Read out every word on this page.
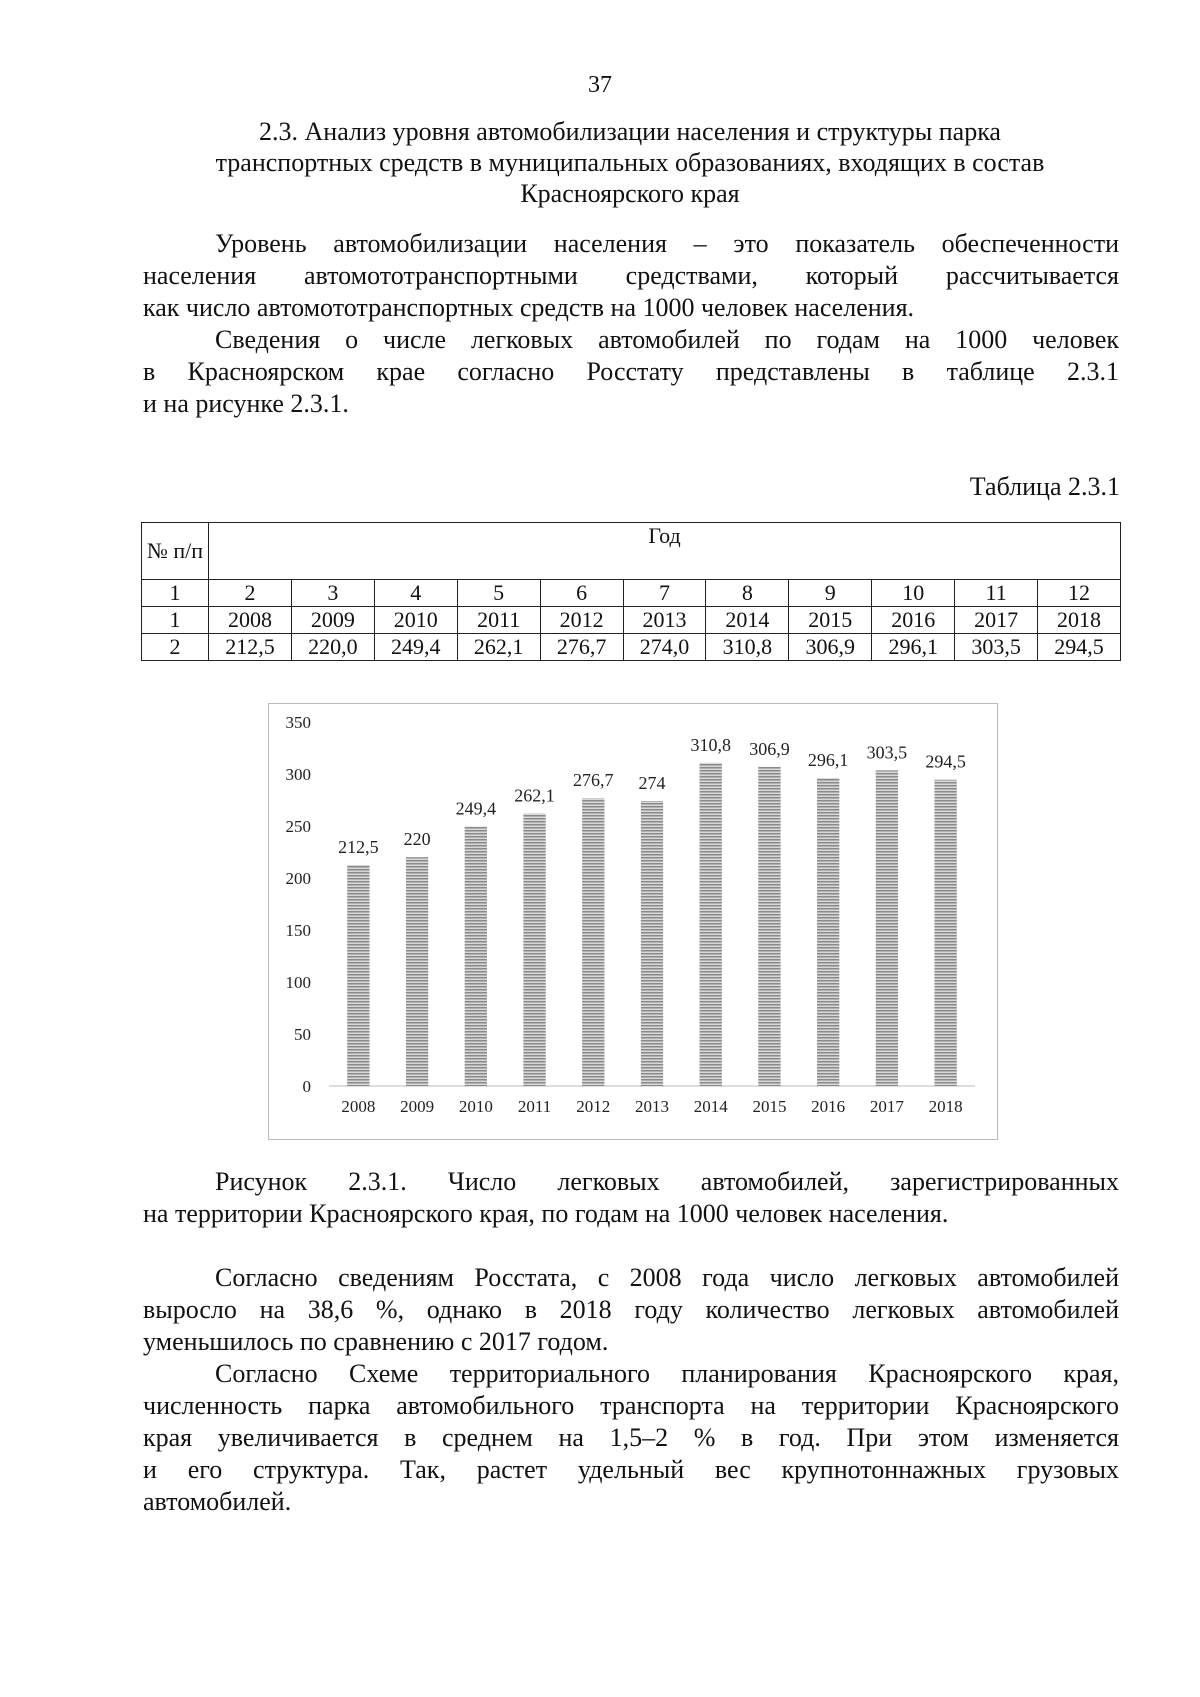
37
2.3. Анализ уровня автомобилизации населения и структуры парка
транспортных средств в муниципальных образованиях, входящих в состав
Красноярского края
Уровень автомобилизации населения – это показатель обеспеченности
населения автомототранспортными средствами, который рассчитывается
как число автомототранспортных средств на 1000 человек населения.
Сведения о числе легковых автомобилей по годам на 1000 человек
в Красноярском крае согласно Росстату представлены в таблице 2.3.1
и на рисунке 2.3.1.
Таблица 2.3.1
№ п/п	Год										
1	2	3	4	5	6	7	8	9	10	11	12
1	2008	2009	2010	2011	2012	2013	2014	2015	2016	2017	2018
2	212,5	220,0	249,4	262,1	276,7	274,0	310,8	306,9	296,1	303,5	294,5
0
50
100
150
200
250
300
350
2008
212,5
2009
220
2010
249,4
2011
262,1
2012
276,7
2013
274
2014
310,8
2015
306,9
2016
296,1
2017
303,5
2018
294,5
Рисунок 2.3.1. Число легковых автомобилей, зарегистрированных
на территории Красноярского края, по годам на 1000 человек населения.
Согласно сведениям Росстата, с 2008 года число легковых автомобилей
выросло на 38,6 %, однако в 2018 году количество легковых автомобилей
уменьшилось по сравнению с 2017 годом.
Согласно Схеме территориального планирования Красноярского края,
численность парка автомобильного транспорта на территории Красноярского
края увеличивается в среднем на 1,5–2 % в год. При этом изменяется
и его структура. Так, растет удельный вес крупнотоннажных грузовых
автомобилей.
